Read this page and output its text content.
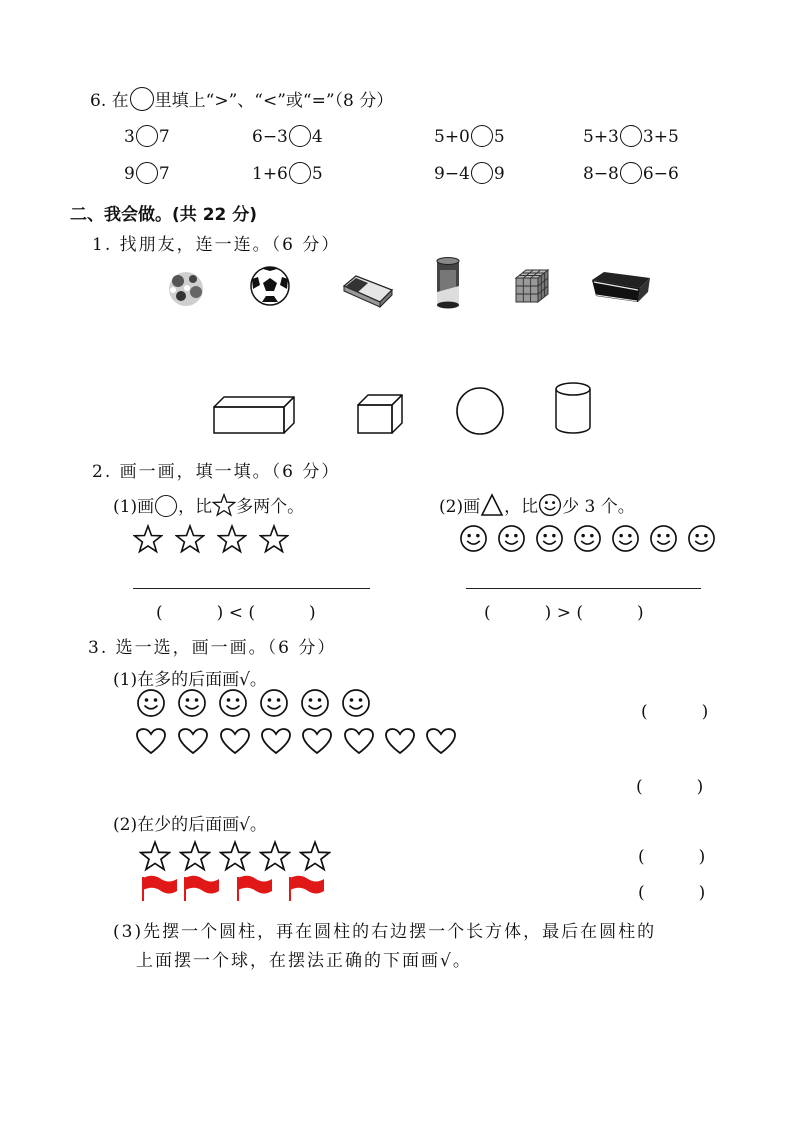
6. 在 里填上“>”、“<”或“=”（8 分）
3 7	6−3 4	5+0 5	5+3 3+5
9 7	1+6 5	9−4 9	8−8 6−6
二、我会做。(共 22 分)
1. 找朋友，连一连。（6 分）
2. 画一画，填一填。（6 分）
(1)画 ，比 多两个。	(2)画 ，比 少 3 个。
(          ) < (          )	(          ) > (          )
3. 选一选，画一画。（6 分）
(1)在多的后面画√。
(          )
(          )
(2)在少的后面画√。
(          )
(          )
(3)先摆一个圆柱，再在圆柱的右边摆一个长方体，最后在圆柱的
上面摆一个球，在摆法正确的下面画√。
